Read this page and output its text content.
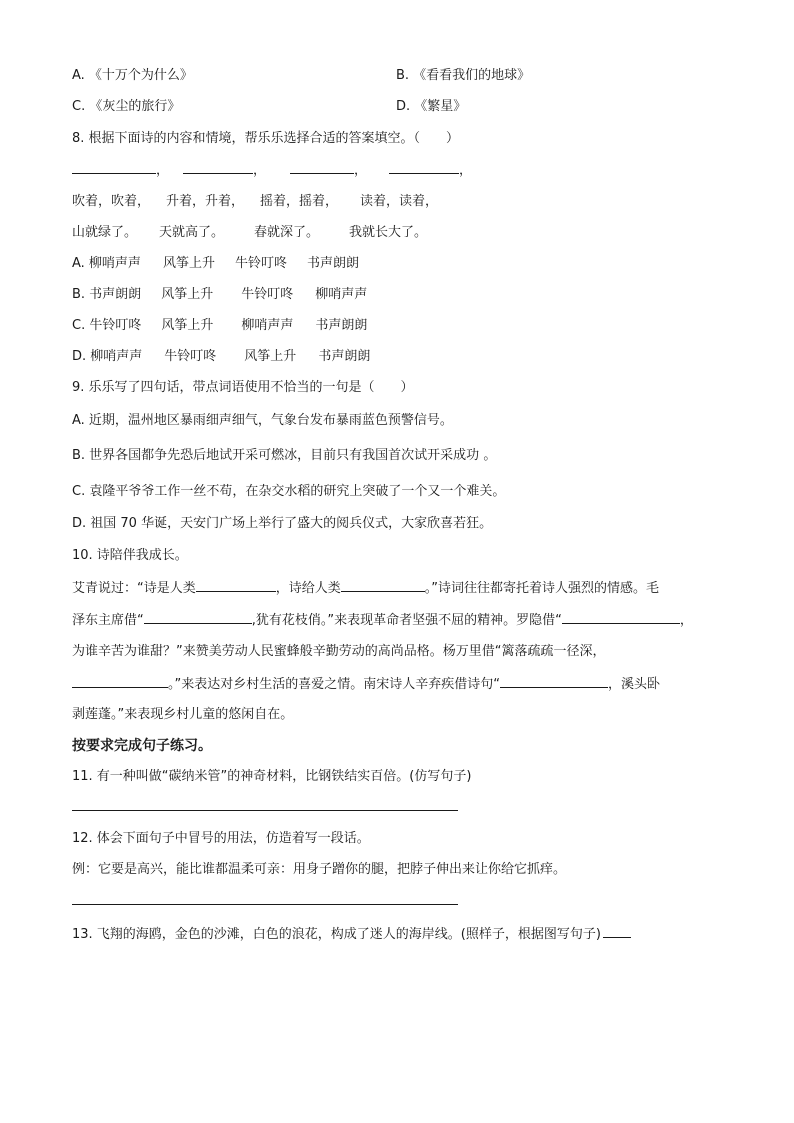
A. 《十万个为什么》	B. 《看看我们的地球》
C. 《灰尘的旅行》	D. 《繁星》
8. 根据下面诗的内容和情境，帮乐乐选择合适的答案填空。（　　）
，	，	，	，
吹着，吹着， 升着，升着， 摇着，摇着， 读着，读着，
山就绿了。 天就高了。 春就深了。 我就长大了。
A. 柳哨声声 风筝上升 牛铃叮咚 书声朗朗
B. 书声朗朗 风筝上升 牛铃叮咚 柳哨声声
C. 牛铃叮咚 风筝上升 柳哨声声 书声朗朗
D. 柳哨声声 牛铃叮咚 风筝上升 书声朗朗
9. 乐乐写了四句话，带点词语使用不恰当的一句是（　　）
A. 近期，温州地区暴雨细声细气，气象台发布暴雨蓝色预警信号。
B. 世界各国都争先恐后地试开采可燃冰，目前只有我国首次试开采成功 。
C. 袁隆平爷爷工作一丝不苟，在杂交水稻的研究上突破了一个又一个难关。
D. 祖国 70 华诞，天安门广场上举行了盛大的阅兵仪式，大家欣喜若狂。
10. 诗陪伴我成长。
艾青说过：“诗是人类	，诗给人类	。”诗词往往都寄托着诗人强烈的情感。毛
泽东主席借“	,犹有花枝俏。”来表现革命者坚强不屈的精神。罗隐借“	，
为谁辛苦为谁甜？”来赞美劳动人民蜜蜂般辛勤劳动的高尚品格。杨万里借“篱落疏疏一径深，
。”来表达对乡村生活的喜爱之情。南宋诗人辛弃疾借诗句“	，溪头卧
剥莲蓬。”来表现乡村儿童的悠闲自在。
按要求完成句子练习。
11. 有一种叫做“碳纳米管”的神奇材料，比钢铁结实百倍。(仿写句子)
12. 体会下面句子中冒号的用法，仿造着写一段话。
例：它要是高兴，能比谁都温柔可亲：用身子蹭你的腿，把脖子伸出来让你给它抓痒。
13. 飞翔的海鸥，金色的沙滩，白色的浪花，构成了迷人的海岸线。(照样子，根据图写句子)
